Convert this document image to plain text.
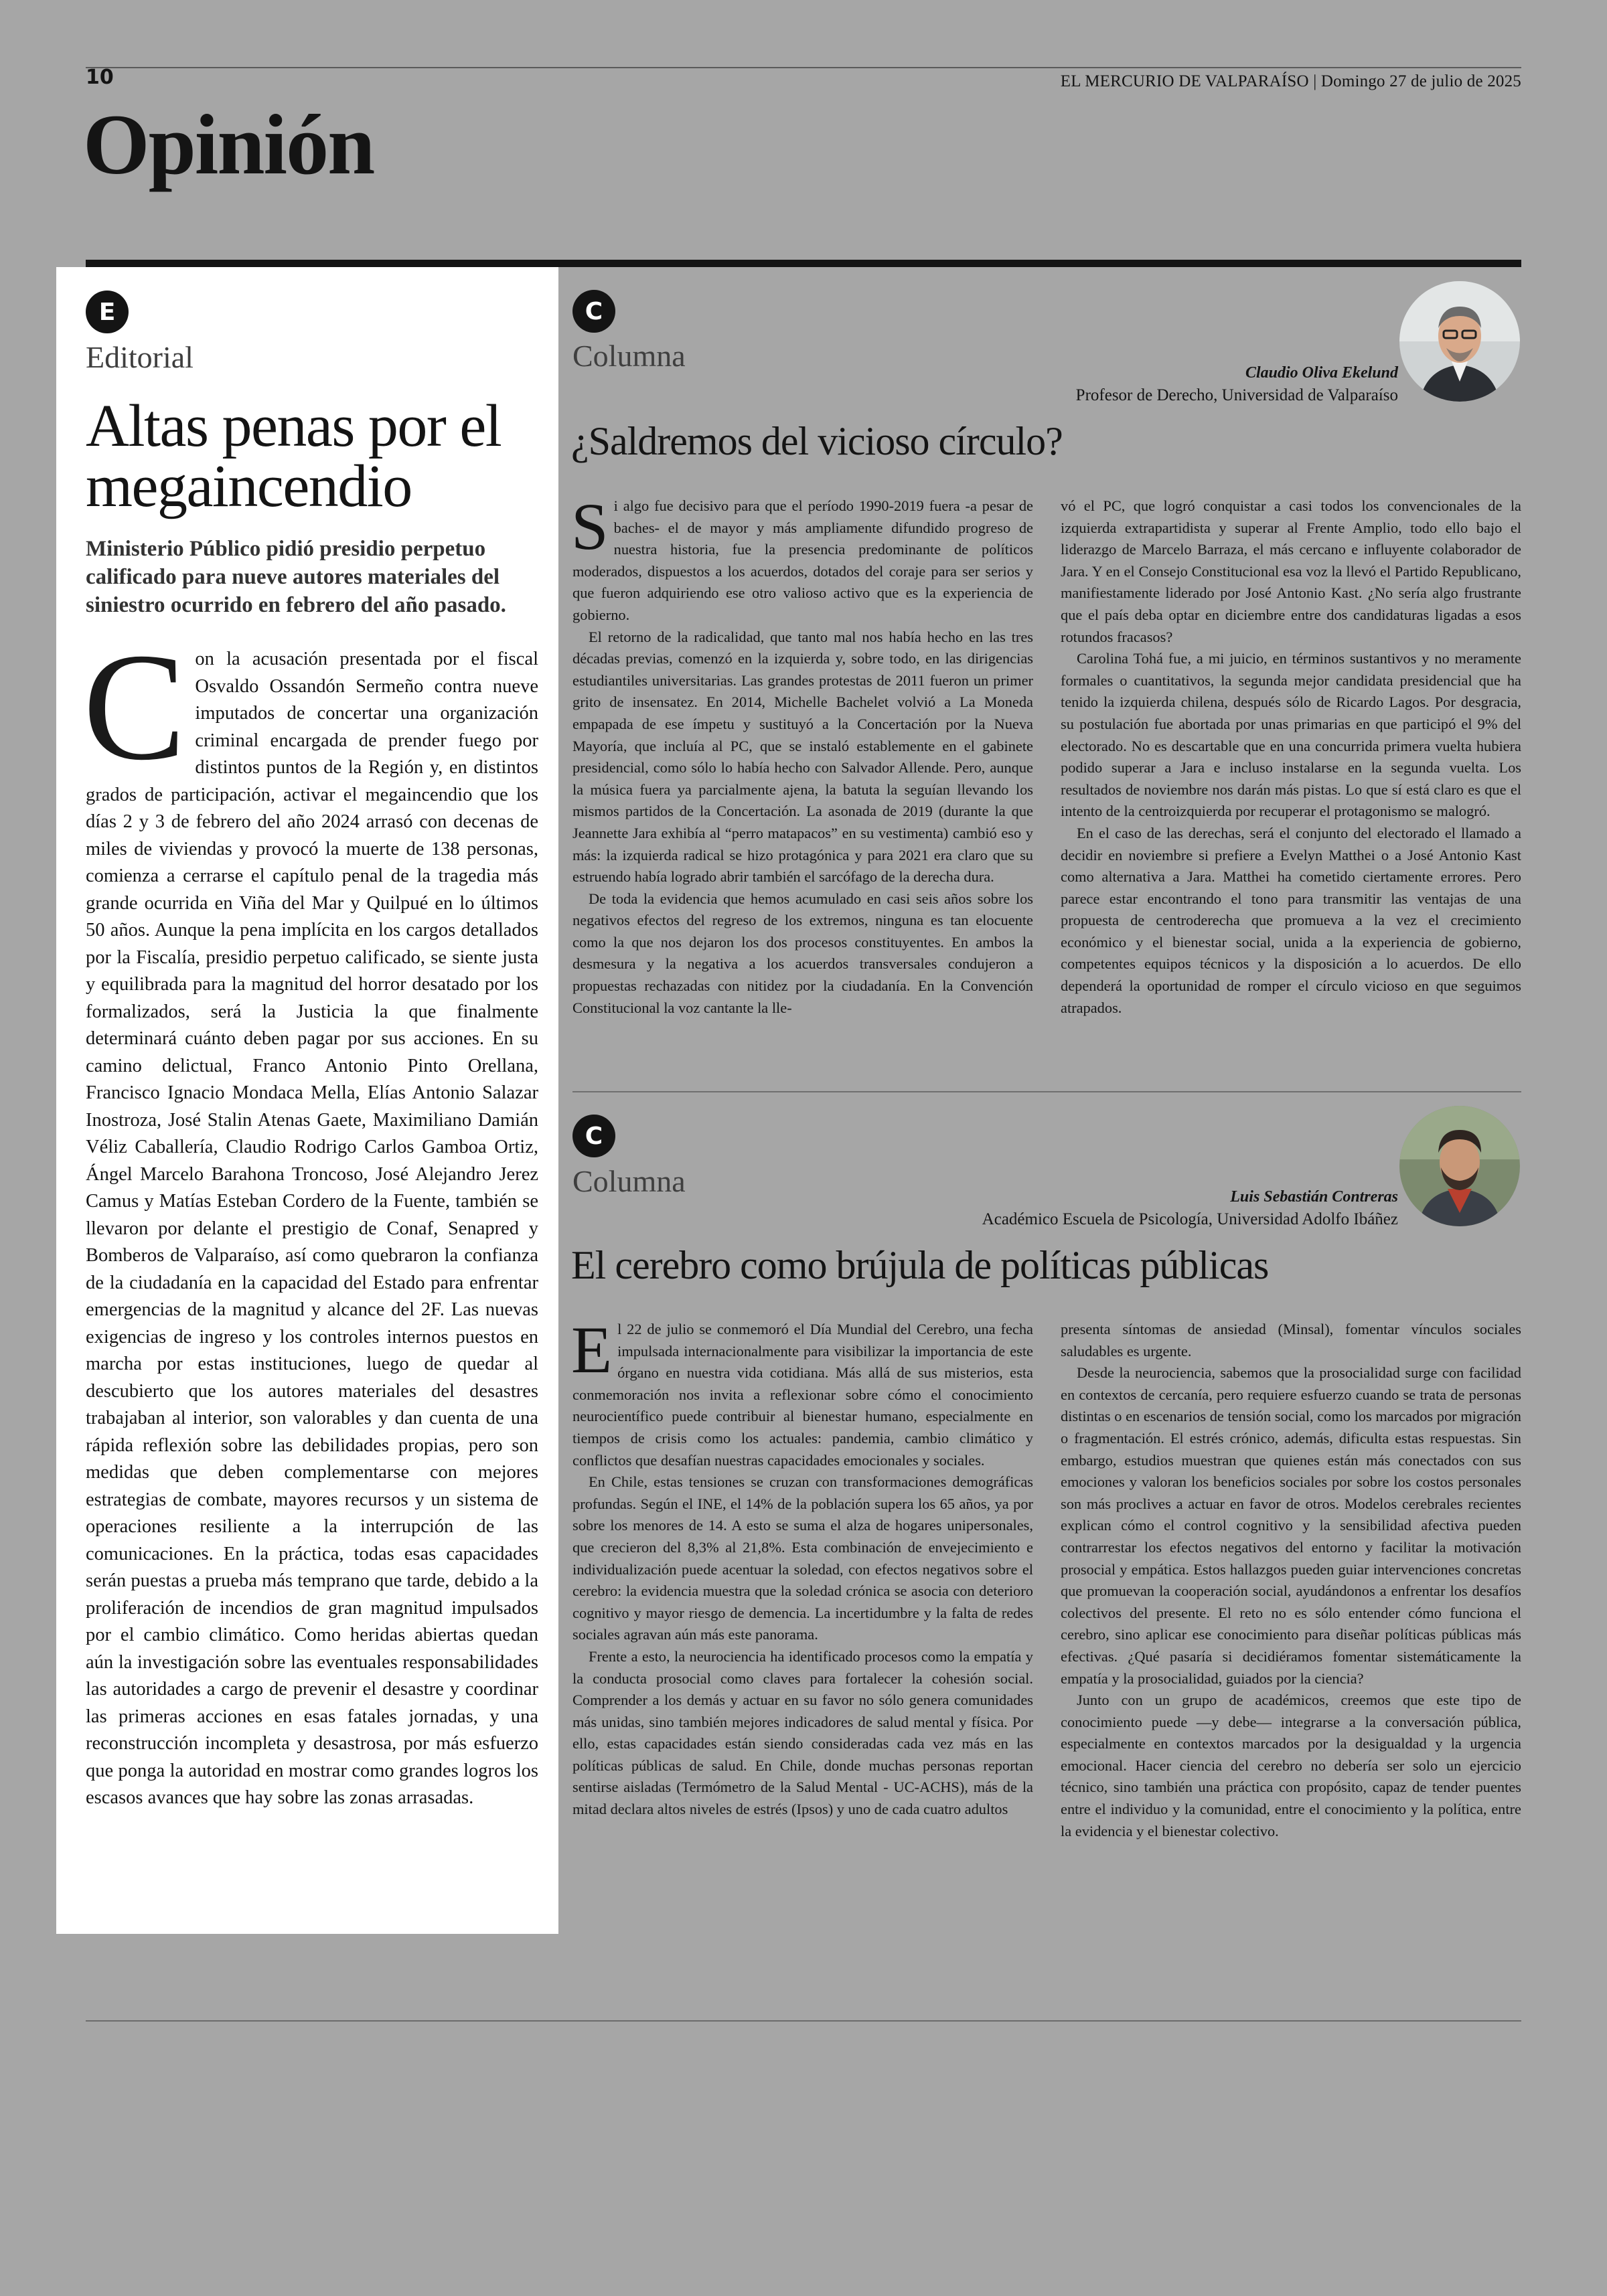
10	EL MERCURIO DE VALPARAÍSO | Domingo 27 de julio de 2025
Opinión
E
Editorial
Altas penas por el megaincendio
Ministerio Público pidió presidio perpetuo calificado para nueve autores materiales del siniestro ocurrido en febrero del año pasado.
Con la acusación presentada por el fiscal Osvaldo Ossandón Sermeño contra nueve imputados de concertar una organización criminal encargada de prender fuego por distintos puntos de la Región y, en distintos grados de participación, activar el megaincendio que los días 2 y 3 de febrero del año 2024 arrasó con decenas de miles de viviendas y provocó la muerte de 138 personas, comienza a cerrarse el capítulo penal de la tragedia más grande ocurrida en Viña del Mar y Quilpué en lo últimos 50 años. Aunque la pena implícita en los cargos detallados por la Fiscalía, presidio perpetuo calificado, se siente justa y equilibrada para la magnitud del horror desatado por los formalizados, será la Justicia la que finalmente determinará cuánto deben pagar por sus acciones. En su camino delictual, Franco Antonio Pinto Orellana, Francisco Ignacio Mondaca Mella, Elías Antonio Salazar Inostroza, José Stalin Atenas Gaete, Maximiliano Damián Véliz Caballería, Claudio Rodrigo Carlos Gamboa Ortiz, Ángel Marcelo Barahona Troncoso, José Alejandro Jerez Camus y Matías Esteban Cordero de la Fuente, también se llevaron por delante el prestigio de Conaf, Senapred y Bomberos de Valparaíso, así como quebraron la confianza de la ciudadanía en la capacidad del Estado para enfrentar emergencias de la magnitud y alcance del 2F. Las nuevas exigencias de ingreso y los controles internos puestos en marcha por estas instituciones, luego de quedar al descubierto que los autores materiales del desastres trabajaban al interior, son valorables y dan cuenta de una rápida reflexión sobre las debilidades propias, pero son medidas que deben complementarse con mejores estrategias de combate, mayores recursos y un sistema de operaciones resiliente a la interrupción de las comunicaciones. En la práctica, todas esas capacidades serán puestas a prueba más temprano que tarde, debido a la proliferación de incendios de gran magnitud impulsados por el cambio climático. Como heridas abiertas quedan aún la investigación sobre las eventuales responsabilidades las autoridades a cargo de prevenir el desastre y coordinar las primeras acciones en esas fatales jornadas, y una reconstrucción incompleta y desastrosa, por más esfuerzo que ponga la autoridad en mostrar como grandes logros los escasos avances que hay sobre las zonas arrasadas.
C
Columna	Claudio Oliva Ekelund
Profesor de Derecho, Universidad de Valparaíso
¿Saldremos del vicioso círculo?

Si algo fue decisivo para que el período 1990-2019 fuera -a pesar de baches- el de mayor y más ampliamente difundido progreso de nuestra historia, fue la presencia predominante de políticos moderados, dispuestos a los acuerdos, dotados del coraje para ser serios y que fueron adquiriendo ese otro valioso activo que es la experiencia de gobierno.

El retorno de la radicalidad, que tanto mal nos había hecho en las tres décadas previas, comenzó en la izquierda y, sobre todo, en las dirigencias estudiantiles universitarias. Las grandes protestas de 2011 fueron un primer grito de insensatez. En 2014, Michelle Bachelet volvió a La Moneda empapada de ese ímpetu y sustituyó a la Concertación por la Nueva Mayoría, que incluía al PC, que se instaló establemente en el gabinete presidencial, como sólo lo había hecho con Salvador Allende. Pero, aunque la música fuera ya parcialmente ajena, la batuta la seguían llevando los mismos partidos de la Concertación. La asonada de 2019 (durante la que Jeannette Jara exhibía al “perro matapacos” en su vestimenta) cambió eso y más: la izquierda radical se hizo protagónica y para 2021 era claro que su estruendo había logrado abrir también el sarcófago de la derecha dura.

De toda la evidencia que hemos acumulado en casi seis años sobre los negativos efectos del regreso de los extremos, ninguna es tan elocuente como la que nos dejaron los dos procesos constituyentes. En ambos la desmesura y la negativa a los acuerdos transversales condujeron a propuestas rechazadas con nitidez por la ciudadanía. En la Convención Constitucional la voz cantante la lle-

vó el PC, que logró conquistar a casi todos los convencionales de la izquierda extrapartidista y superar al Frente Amplio, todo ello bajo el liderazgo de Marcelo Barraza, el más cercano e influyente colaborador de Jara. Y en el Consejo Constitucional esa voz la llevó el Partido Republicano, manifiestamente liderado por José Antonio Kast. ¿No sería algo frustrante que el país deba optar en diciembre entre dos candidaturas ligadas a esos rotundos fracasos?

Carolina Tohá fue, a mi juicio, en términos sustantivos y no meramente formales o cuantitativos, la segunda mejor candidata presidencial que ha tenido la izquierda chilena, después sólo de Ricardo Lagos. Por desgracia, su postulación fue abortada por unas primarias en que participó el 9% del electorado. No es descartable que en una concurrida primera vuelta hubiera podido superar a Jara e incluso instalarse en la segunda vuelta. Los resultados de noviembre nos darán más pistas. Lo que sí está claro es que el intento de la centroizquierda por recuperar el protagonismo se malogró.

En el caso de las derechas, será el conjunto del electorado el llamado a decidir en noviembre si prefiere a Evelyn Matthei o a José Antonio Kast como alternativa a Jara. Matthei ha cometido ciertamente errores. Pero parece estar encontrando el tono para transmitir las ventajas de una propuesta de centroderecha que promueva a la vez el crecimiento económico y el bienestar social, unida a la experiencia de gobierno, competentes equipos técnicos y la disposición a lo acuerdos. De ello dependerá la oportunidad de romper el círculo vicioso en que seguimos atrapados.

C
Columna	Luis Sebastián Contreras
Académico Escuela de Psicología, Universidad Adolfo Ibáñez
El cerebro como brújula de políticas públicas

El 22 de julio se conmemoró el Día Mundial del Cerebro, una fecha impulsada internacionalmente para visibilizar la importancia de este órgano en nuestra vida cotidiana. Más allá de sus misterios, esta conmemoración nos invita a reflexionar sobre cómo el conocimiento neurocientífico puede contribuir al bienestar humano, especialmente en tiempos de crisis como los actuales: pandemia, cambio climático y conflictos que desafían nuestras capacidades emocionales y sociales.

En Chile, estas tensiones se cruzan con transformaciones demográficas profundas. Según el INE, el 14% de la población supera los 65 años, ya por sobre los menores de 14. A esto se suma el alza de hogares unipersonales, que crecieron del 8,3% al 21,8%. Esta combinación de envejecimiento e individualización puede acentuar la soledad, con efectos negativos sobre el cerebro: la evidencia muestra que la soledad crónica se asocia con deterioro cognitivo y mayor riesgo de demencia. La incertidumbre y la falta de redes sociales agravan aún más este panorama.

Frente a esto, la neurociencia ha identificado procesos como la empatía y la conducta prosocial como claves para fortalecer la cohesión social. Comprender a los demás y actuar en su favor no sólo genera comunidades más unidas, sino también mejores indicadores de salud mental y física. Por ello, estas capacidades están siendo consideradas cada vez más en las políticas públicas de salud. En Chile, donde muchas personas reportan sentirse aisladas (Termómetro de la Salud Mental - UC-ACHS), más de la mitad declara altos niveles de estrés (Ipsos) y uno de cada cuatro adultos

presenta síntomas de ansiedad (Minsal), fomentar vínculos sociales saludables es urgente.

Desde la neurociencia, sabemos que la prosocialidad surge con facilidad en contextos de cercanía, pero requiere esfuerzo cuando se trata de personas distintas o en escenarios de tensión social, como los marcados por migración o fragmentación. El estrés crónico, además, dificulta estas respuestas. Sin embargo, estudios muestran que quienes están más conectados con sus emociones y valoran los beneficios sociales por sobre los costos personales son más proclives a actuar en favor de otros. Modelos cerebrales recientes explican cómo el control cognitivo y la sensibilidad afectiva pueden contrarrestar los efectos negativos del entorno y facilitar la motivación prosocial y empática. Estos hallazgos pueden guiar intervenciones concretas que promuevan la cooperación social, ayudándonos a enfrentar los desafíos colectivos del presente. El reto no es sólo entender cómo funciona el cerebro, sino aplicar ese conocimiento para diseñar políticas públicas más efectivas. ¿Qué pasaría si decidiéramos fomentar sistemáticamente la empatía y la prosocialidad, guiados por la ciencia?

Junto con un grupo de académicos, creemos que este tipo de conocimiento puede —y debe— integrarse a la conversación pública, especialmente en contextos marcados por la desigualdad y la urgencia emocional. Hacer ciencia del cerebro no debería ser solo un ejercicio técnico, sino también una práctica con propósito, capaz de tender puentes entre el individuo y la comunidad, entre el conocimiento y la política, entre la evidencia y el bienestar colectivo.
